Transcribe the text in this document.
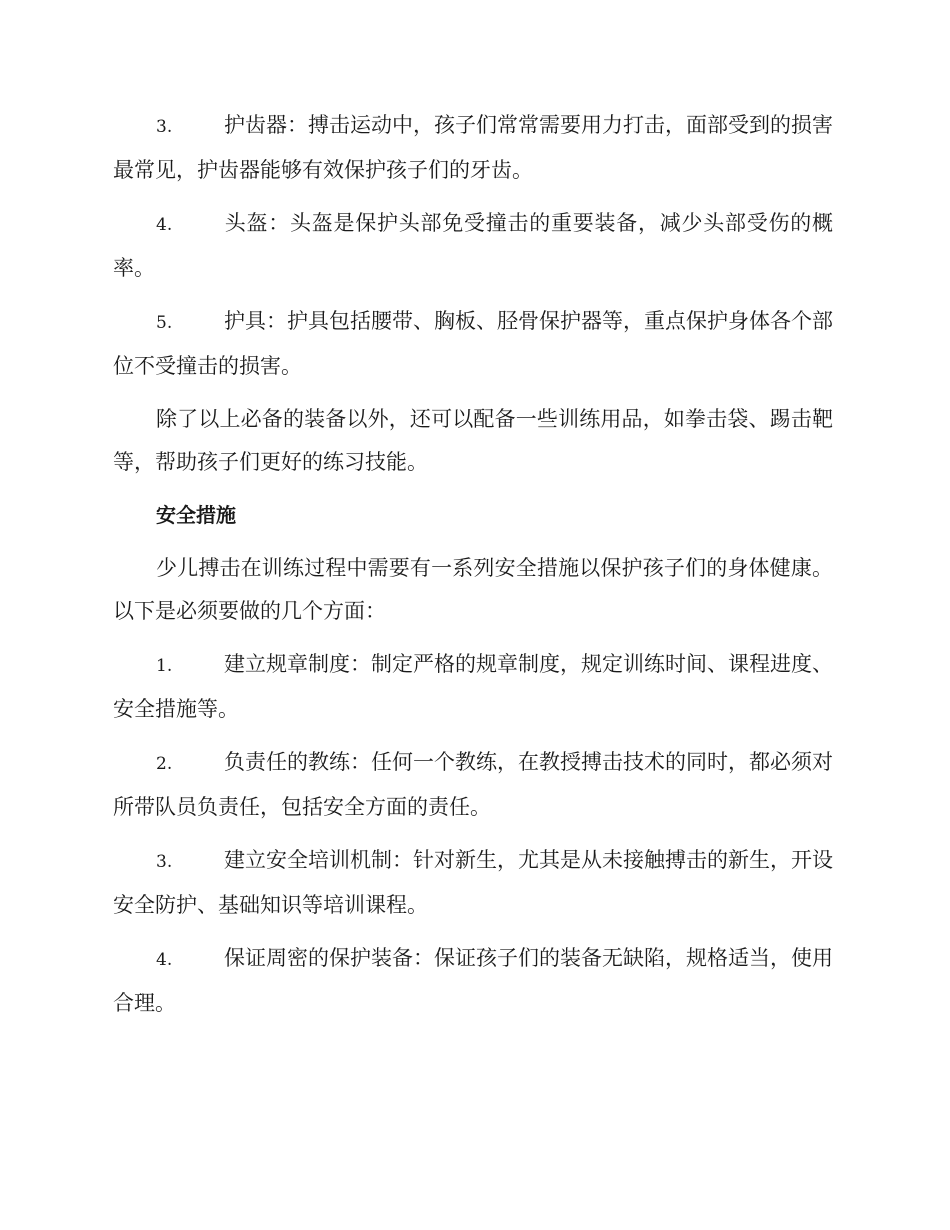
3. 护齿器：搏击运动中，孩子们常常需要用力打击，面部受到的损害最常见，护齿器能够有效保护孩子们的牙齿。

4. 头盔：头盔是保护头部免受撞击的重要装备，减少头部受伤的概率。

5. 护具：护具包括腰带、胸板、胫骨保护器等，重点保护身体各个部位不受撞击的损害。

除了以上必备的装备以外，还可以配备一些训练用品，如拳击袋、踢击靶等，帮助孩子们更好的练习技能。

安全措施

少儿搏击在训练过程中需要有一系列安全措施以保护孩子们的身体健康。以下是必须要做的几个方面：

1. 建立规章制度：制定严格的规章制度，规定训练时间、课程进度、安全措施等。

2. 负责任的教练：任何一个教练，在教授搏击技术的同时，都必须对所带队员负责任，包括安全方面的责任。

3. 建立安全培训机制：针对新生，尤其是从未接触搏击的新生，开设安全防护、基础知识等培训课程。

4. 保证周密的保护装备：保证孩子们的装备无缺陷，规格适当，使用合理。
